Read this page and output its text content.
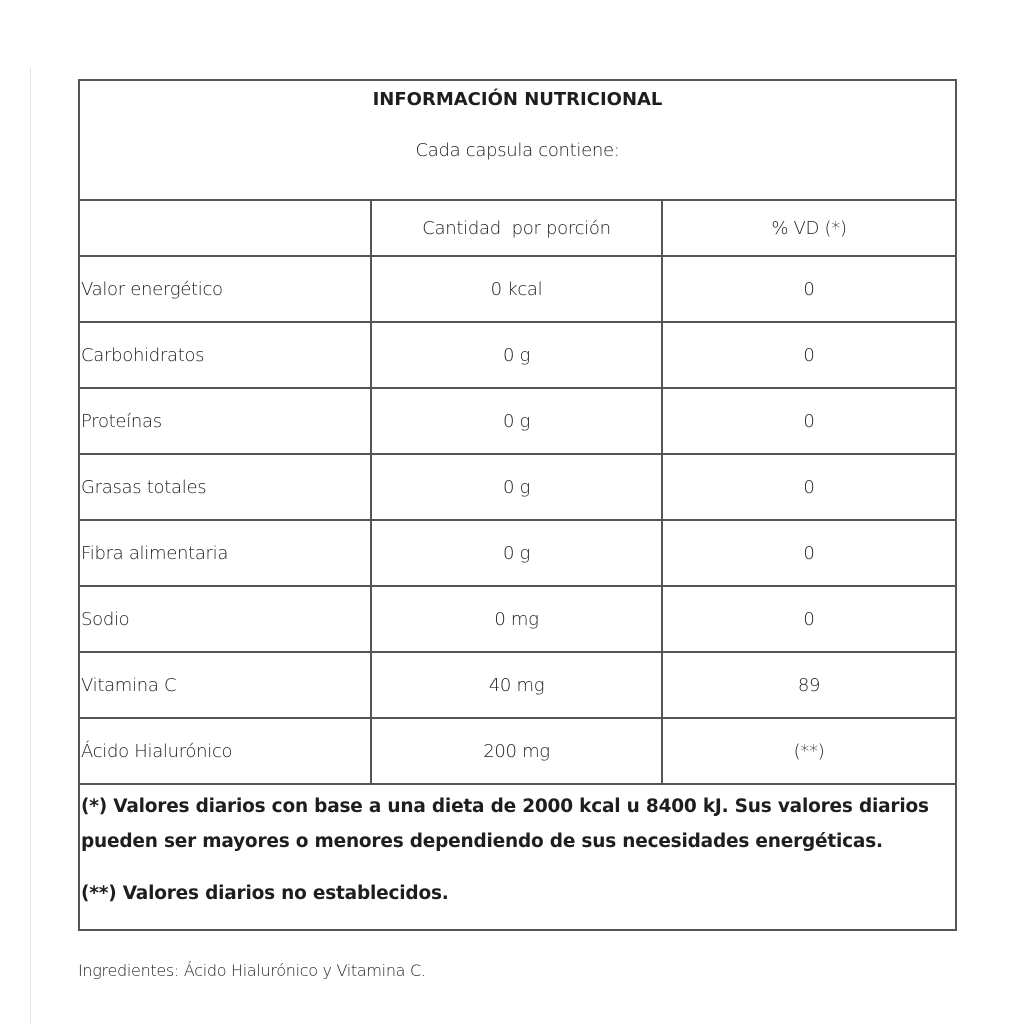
INFORMACIÓN NUTRICIONAL
Cada capsula contiene:		

	Cantidad  por porción	% VD (*)
Valor energético	0 kcal	0
Carbohidratos	0 g	0
Proteínas	0 g	0
Grasas totales	0 g	0
Fibra alimentaria	0 g	0
Sodio	0 mg	0
Vitamina C	40 mg	89
Ácido Hialurónico	200 mg	(**)

(*) Valores diarios con base a una dieta de 2000 kcal u 8400 kJ. Sus valores diarios pueden ser mayores o menores dependiendo de sus necesidades energéticas.
(**) Valores diarios no establecidos.		
Ingredientes: Ácido Hialurónico y Vitamina C.
